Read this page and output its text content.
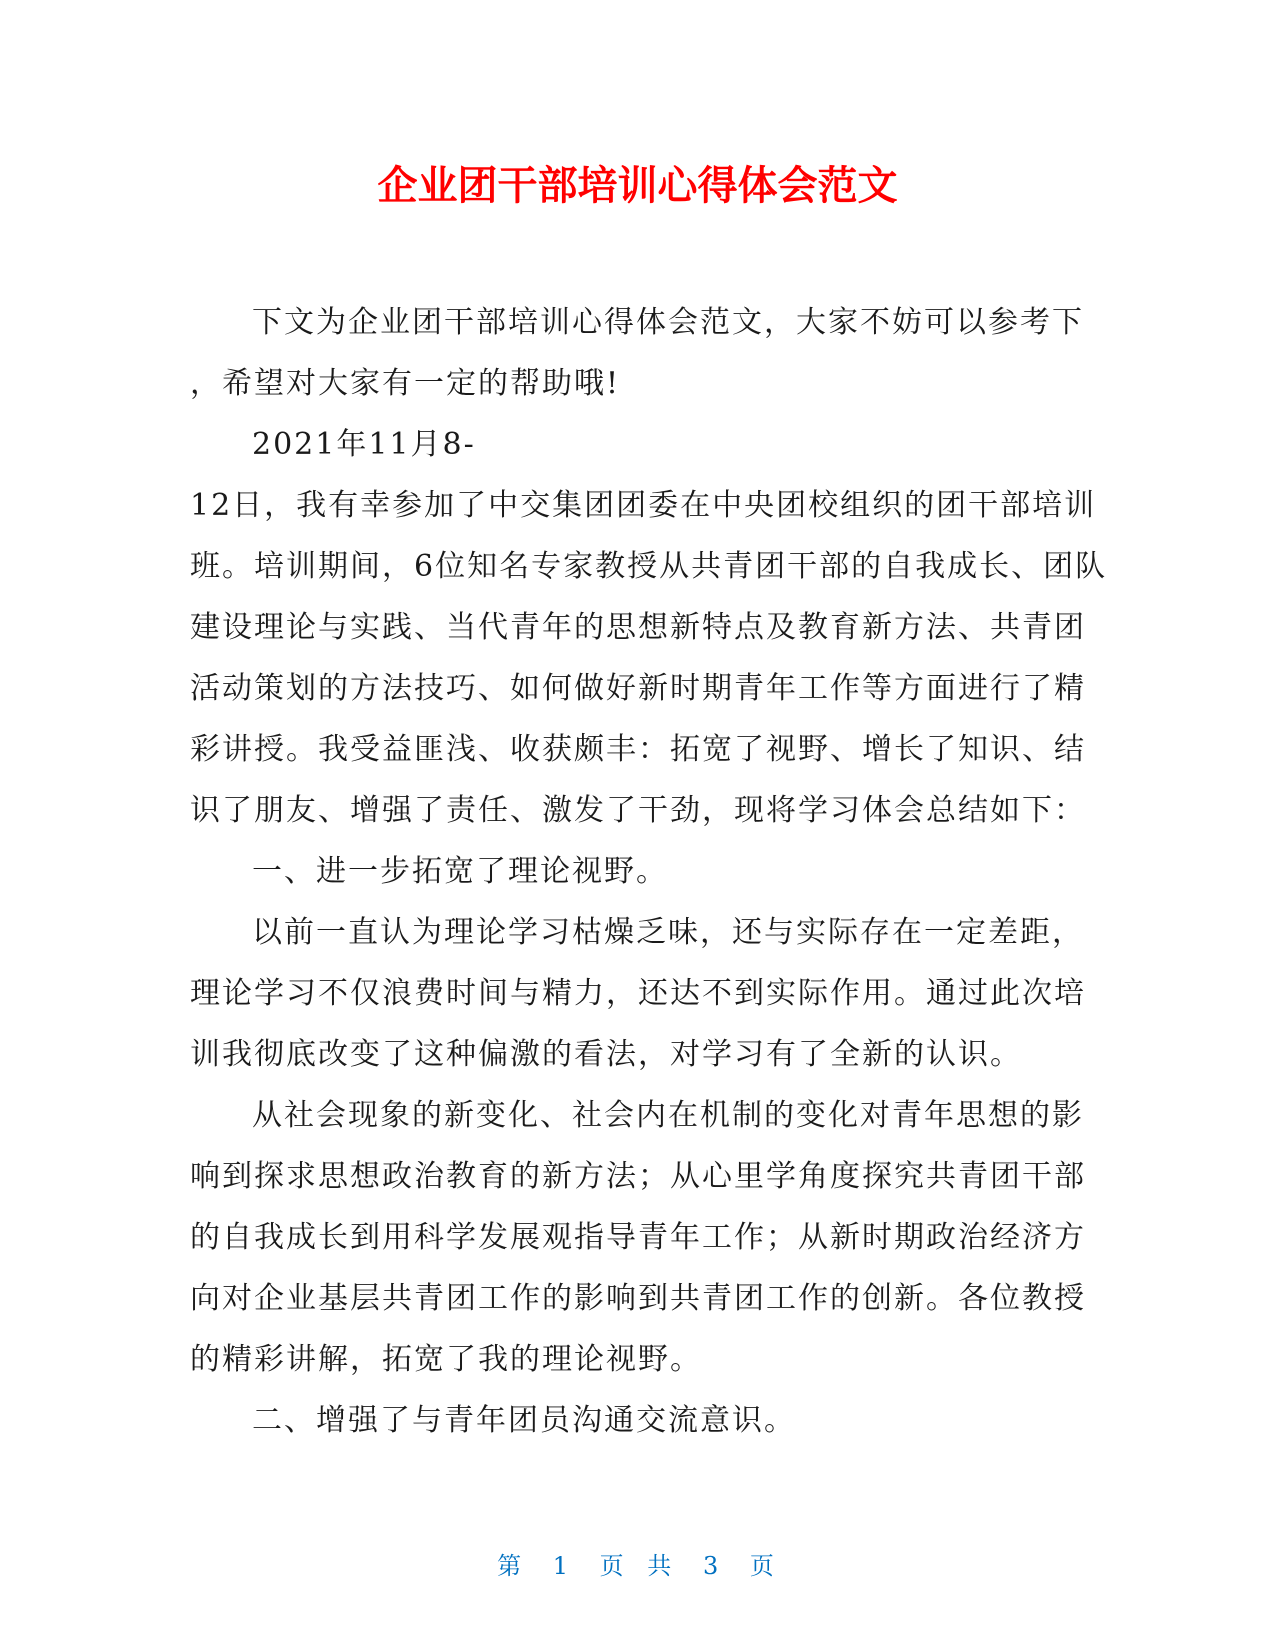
企业团干部培训心得体会范文
下文为企业团干部培训心得体会范文，大家不妨可以参考下
，希望对大家有一定的帮助哦!
2021年11月8-
12日，我有幸参加了中交集团团委在中央团校组织的团干部培训
班。培训期间，6位知名专家教授从共青团干部的自我成长、团队
建设理论与实践、当代青年的思想新特点及教育新方法、共青团
活动策划的方法技巧、如何做好新时期青年工作等方面进行了精
彩讲授。我受益匪浅、收获颇丰：拓宽了视野、增长了知识、结
识了朋友、增强了责任、激发了干劲，现将学习体会总结如下：
一、进一步拓宽了理论视野。
以前一直认为理论学习枯燥乏味，还与实际存在一定差距，
理论学习不仅浪费时间与精力，还达不到实际作用。通过此次培
训我彻底改变了这种偏激的看法，对学习有了全新的认识。
从社会现象的新变化、社会内在机制的变化对青年思想的影
响到探求思想政治教育的新方法；从心里学角度探究共青团干部
的自我成长到用科学发展观指导青年工作；从新时期政治经济方
向对企业基层共青团工作的影响到共青团工作的创新。各位教授
的精彩讲解，拓宽了我的理论视野。
二、增强了与青年团员沟通交流意识。
第 1 页 共 3 页
